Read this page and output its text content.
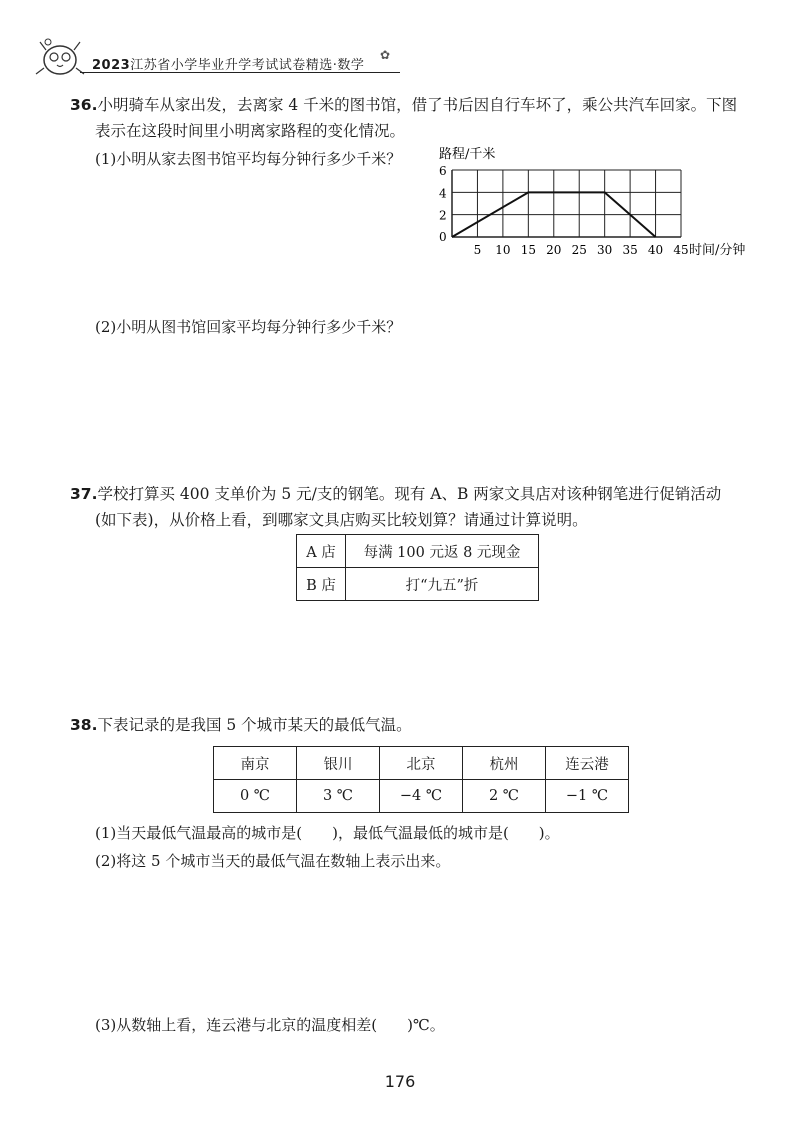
2023江苏省小学毕业升学考试试卷精选·数学
✿
36.小明骑车从家出发，去离家 4 千米的图书馆，借了书后因自行车坏了，乘公共汽车回家。下图
表示在这段时间里小明离家路程的变化情况。
(1)小明从家去图书馆平均每分钟行多少千米？	路程/千米
6
4
2
5 10 15 20 25 30 35 40 45 时间/分钟
0
(2)小明从图书馆回家平均每分钟行多少千米？
37.学校打算买 400 支单价为 5 元/支的钢笔。现有 A、B 两家文具店对该种钢笔进行促销活动
(如下表)，从价格上看，到哪家文具店购买比较划算？请通过计算说明。
A 店	每满 100 元返 8 元现金
B 店	打“九五”折
38.下表记录的是我国 5 个城市某天的最低气温。
南京	银川	北京	杭州	连云港
0 ℃	3 ℃	−4 ℃	2 ℃	−1 ℃
(1)当天最低气温最高的城市是(　　)，最低气温最低的城市是(　　)。
(2)将这 5 个城市当天的最低气温在数轴上表示出来。
(3)从数轴上看，连云港与北京的温度相差(　　)℃。
176
